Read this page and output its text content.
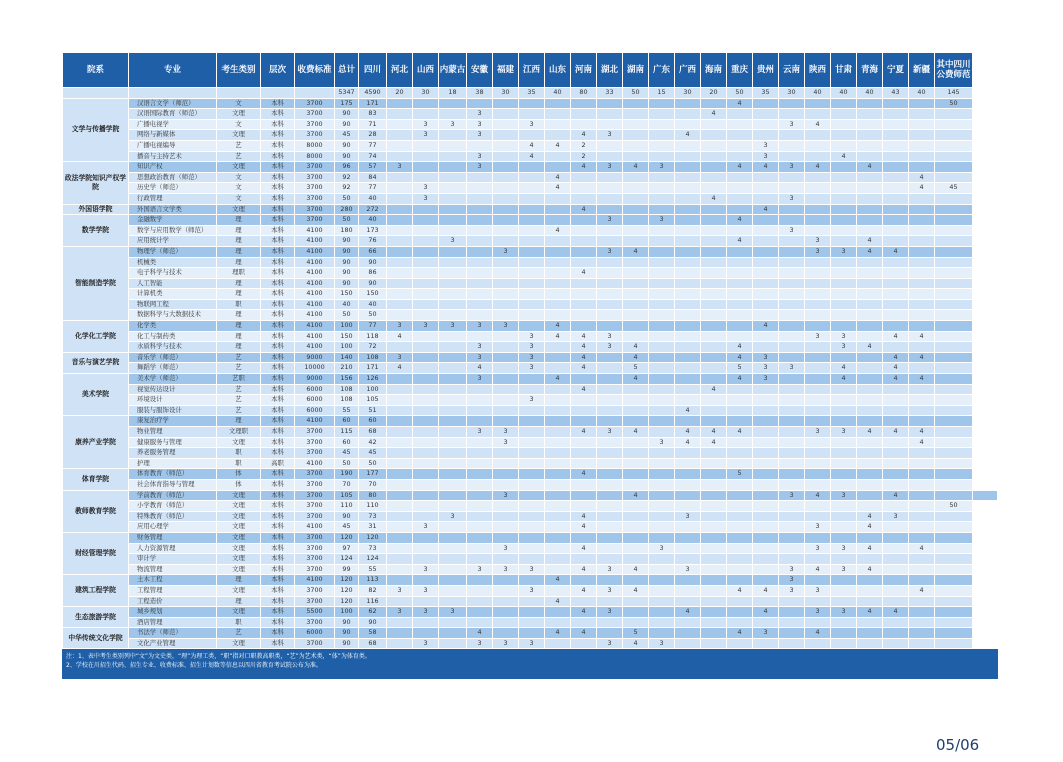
院系	专业	考生类别	层次	收费标准	总计	四川	河北	山西	内蒙古	安徽	福建	江西	山东	河南	湖北	湖南	广东	广西	海南	重庆	贵州	云南	陕西	甘肃	青海	宁夏	新疆	其中四川公费师范	
					5347	4590	20	30	18	38	30	35	40	80	33	50	15	30	20	50	35	30	40	40	40	43	40	145	
文学与传播学院	汉语言文学（师范）	文	本科	3700	175	171														4								50	
	汉语国际教育（师范）	文理	本科	3700	90	83				3									4										
	广播电视学	文	本科	3700	90	71		3	3	3		3										3	4						
	网络与新媒体	文理	本科	3700	45	28		3		3				4	3			4											
	广播电视编导	艺	本科	8000	90	77						4	4	2							3								
	播音与主持艺术	艺	本科	8000	90	74				3		4		2							3			4					
政法学院知识产权学院	知识产权	文理	本科	3700	96	57	3			3				4	3	4	3			4	4	3	4		4				
	思想政治教育（师范）	文	本科	3700	92	84							4														4		
	历史学（师范）	文	本科	3700	92	77		3					4														4	45	
	行政管理	文	本科	3700	50	40		3											4			3							
外国语学院	外国语言文学类	文理	本科	3700	280	272								4							4								
数学学院	金融数学	理	本科	3700	50	40									3		3			4									
	数学与应用数学（师范）	理	本科	4100	180	173							4									3							
	应用统计学	理	本科	4100	90	76			3											4			3		4				
智能制造学院	物理学（师范）	理	本科	4100	90	66					3				3	4							3	3	4	4			
	机械类	理	本科	4100	90	90																							
	电子科学与技术	理职	本科	4100	90	86								4															
	人工智能	理	本科	4100	90	90																							
	计算机类	理	本科	4100	150	150																							
	物联网工程	职	本科	4100	40	40																							
	数据科学与大数据技术	理	本科	4100	50	50																							
化学化工学院	化学类	理	本科	4100	100	77	3	3	3	3	3		4								4								
	化工与制药类	理	本科	4100	150	118	4					3	4	4	3								3	3		4	4		
	水质科学与技术	理	本科	4100	100	72				3		3		4	3	4				4				3	4				
音乐与演艺学院	音乐学（师范）	艺	本科	9000	140	108	3			3		3		4		4				4	3					4	4		
	舞蹈学（师范）	艺	本科	10000	210	171	4			4		3		4		5				5	3	3		4		4			
美术学院	美术学（师范）	艺职	本科	9000	156	126				3			4			4				4	3			4		4	4		
	视觉传达设计	艺	本科	6000	108	100								4					4										
	环境设计	艺	本科	6000	108	105						3																	
	服装与服饰设计	艺	本科	6000	55	51												4											
康养产业学院	康复治疗学	理	本科	4100	60	60																							
	物业管理	文理职	本科	3700	115	68				3	3			4	3	4		4	4	4			3	3	4	4	4		
	健康服务与管理	文理	本科	3700	60	42					3						3	4	4								4		
	养老服务管理	职	本科	3700	45	45																							
	护理	职	高职	4100	50	50																							
体育学院	体育教育（师范）	体	本科	3700	190	177								4						5									
	社会体育指导与管理	体	本科	3700	70	70																							
教师教育学院	学前教育（师范）	文理	本科	3700	105	80					3					4						3	4	3		4			
	小学教育（师范）	文理	本科	3700	110	110																						50	
	特殊教育（师范）	文理	本科	3700	90	73			3					4				3							4	3			
	应用心理学	文理	本科	4100	45	31		3						4									3		4				
财经管理学院	财务管理	文理	本科	3700	120	120																							
	人力资源管理	文理	本科	3700	97	73					3			4			3						3	3	4		4		
	审计学	文理	本科	3700	124	124																							
	物流管理	文理	本科	3700	99	55		3		3	3	3		4	3	4		3				3	4	3	4				
建筑工程学院	土木工程	理	本科	4100	120	113							4									3							
	工程管理	文理	本科	3700	120	82	3	3				3		4	3	4				4	4	3	3				4		
	工程造价	理	本科	3700	120	116							4																
生态旅游学院	城乡规划	文理	本科	5500	100	62	3	3	3					4	3			4			4		3	3	4	4			
	酒店管理	职	本科	3700	90	90																							
中华传统文化学院	书法学（师范）	艺	本科	6000	90	58				4			4	4		5				4	3		4						
	文化产业管理	文理	本科	3700	90	68		3		3	3	3			3	4	3												
注：1、表中考生类别列中“文”为文史类，“理”为理工类，“职”指对口职教高职类，“艺”为艺术类，“体”为体育类。
2、学校在川招生代码、招生专业、收费标准、招生计划数等信息以四川省教育考试院公布为准。
05/06
